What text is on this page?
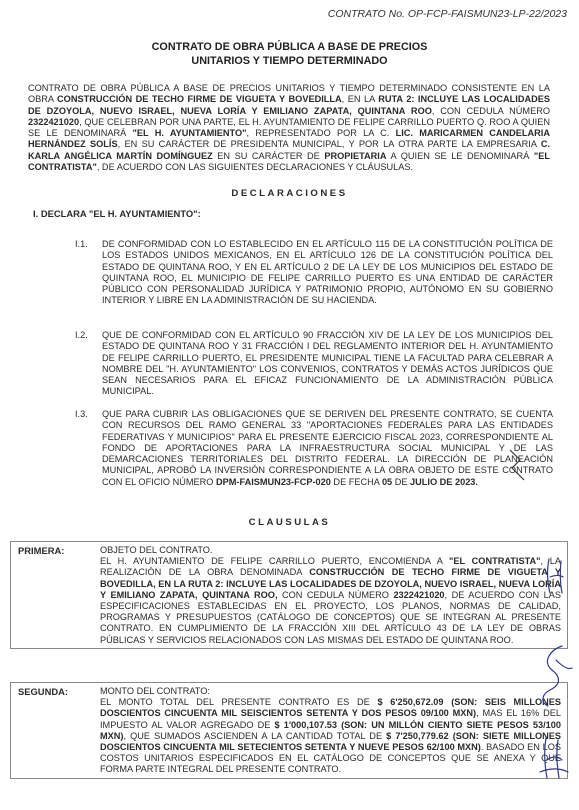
CONTRATO No. OP-FCP-FAISMUN23-LP-22/2023
CONTRATO DE OBRA PÚBLICA A BASE DE PRECIOS
UNITARIOS Y TIEMPO DETERMINADO
CONTRATO DE OBRA PÚBLICA A BASE DE PRECIOS UNITARIOS Y TIEMPO DETERMINADO CONSISTENTE EN LA OBRA CONSTRUCCIÓN DE TECHO FIRME DE VIGUETA Y BOVEDILLA, EN LA RUTA 2: INCLUYE LAS LOCALIDADES DE DZOYOLA, NUEVO ISRAEL, NUEVA LORÍA Y EMILIANO ZAPATA, QUINTANA ROO, CON CEDULA NÚMERO 2322421020, QUE CELEBRAN POR UNA PARTE, EL H. AYUNTAMIENTO DE FELIPE CARRILLO PUERTO Q. ROO A QUIEN SE LE DENOMINARÁ "EL H. AYUNTAMIENTO", REPRESENTADO POR LA C. LIC. MARICARMEN CANDELARIA HERNÁNDEZ SOLÍS, EN SU CARÁCTER DE PRESIDENTA MUNICIPAL, Y POR LA OTRA PARTE LA EMPRESARIA C. KARLA ANGÉLICA MARTÍN DOMÍNGUEZ EN SU CARÁCTER DE PROPIETARIA A QUIEN SE LE DENOMINARÁ "EL CONTRATISTA", DE ACUERDO CON LAS SIGUIENTES DECLARACIONES Y CLÁUSULAS.
DECLARACIONES
I. DECLARA "EL H. AYUNTAMIENTO":
I.1.	DE CONFORMIDAD CON LO ESTABLECIDO EN EL ARTÍCULO 115 DE LA CONSTITUCIÓN POLÍTICA DE LOS ESTADOS UNIDOS MEXICANOS, EN EL ARTÍCULO 126 DE LA CONSTITUCIÓN POLÍTICA DEL ESTADO DE QUINTANA ROO, Y EN EL ARTÍCULO 2 DE LA LEY DE LOS MUNICIPIOS DEL ESTADO DE QUINTANA ROO, EL MUNICIPIO DE FELIPE CARRILLO PUERTO ES UNA ENTIDAD DE CARÁCTER PÚBLICO CON PERSONALIDAD JURÍDICA Y PATRIMONIO PROPIO, AUTÓNOMO EN SU GOBIERNO INTERIOR Y LIBRE EN LA ADMINISTRACIÓN DE SU HACIENDA.
I.2.	QUE DE CONFORMIDAD CON EL ARTÍCULO 90 FRACCIÓN XIV DE LA LEY DE LOS MUNICIPIOS DEL ESTADO DE QUINTANA ROO Y 31 FRACCIÓN I DEL REGLAMENTO INTERIOR DEL H. AYUNTAMIENTO DE FELIPE CARRILLO PUERTO, EL PRESIDENTE MUNICIPAL TIENE LA FACULTAD PARA CELEBRAR A NOMBRE DEL "H. AYUNTAMIENTO" LOS CONVENIOS, CONTRATOS Y DEMÁS ACTOS JURÍDICOS QUE SEAN NECESARIOS PARA EL EFICAZ FUNCIONAMIENTO DE LA ADMINISTRACIÓN PÚBLICA MUNICIPAL.
I.3.	QUE PARA CUBRIR LAS OBLIGACIONES QUE SE DERIVEN DEL PRESENTE CONTRATO, SE CUENTA CON RECURSOS DEL RAMO GENERAL 33 "APORTACIONES FEDERALES PARA LAS ENTIDADES FEDERATIVAS Y MUNICIPIOS" PARA EL PRESENTE EJERCICIO FISCAL 2023, CORRESPONDIENTE AL FONDO DE APORTACIONES PARA LA INFRAESTRUCTURA SOCIAL MUNICIPAL Y DE LAS DEMARCACIONES TERRITORIALES DEL DISTRITO FEDERAL. LA DIRECCIÓN DE PLANEACIÓN MUNICIPAL, APROBÓ LA INVERSIÓN CORRESPONDIENTE A LA OBRA OBJETO DE ESTE CONTRATO CON EL OFICIO NÚMERO DPM-FAISMUN23-FCP-020 DE FECHA 05 DE JULIO DE 2023.
CLAUSULAS
PRIMERA:	OBJETO DEL CONTRATO.
EL H. AYUNTAMIENTO DE FELIPE CARRILLO PUERTO, ENCOMIENDA A "EL CONTRATISTA", LA REALIZACIÓN DE LA OBRA DENOMINADA CONSTRUCCIÓN DE TECHO FIRME DE VIGUETA Y BOVEDILLA, EN LA RUTA 2: INCLUYE LAS LOCALIDADES DE DZOYOLA, NUEVO ISRAEL, NUEVA LORÍA Y EMILIANO ZAPATA, QUINTANA ROO, CON CEDULA NÚMERO 2322421020, DE ACUERDO CON LAS ESPECIFICACIONES ESTABLECIDAS EN EL PROYECTO, LOS PLANOS, NORMAS DE CALIDAD, PROGRAMAS Y PRESUPUESTOS (CATÁLOGO DE CONCEPTOS) QUE SE INTEGRAN AL PRESENTE CONTRATO. EN CUMPLIMIENTO DE LA FRACCIÓN XIII DEL ARTÍCULO 43 DE LA LEY DE OBRAS PÚBLICAS Y SERVICIOS RELACIONADOS CON LAS MISMAS DEL ESTADO DE QUINTANA ROO.
SEGUNDA:	MONTO DEL CONTRATO:
EL MONTO TOTAL DEL PRESENTE CONTRATO ES DE $ 6'250,672.09 (SON: SEIS MILLONES DOSCIENTOS CINCUENTA MIL SEISCIENTOS SETENTA Y DOS PESOS 09/100 MXN), MAS EL 16% DEL IMPUESTO AL VALOR AGREGADO DE $ 1'000,107.53 (SON: UN MILLÓN CIENTO SIETE PESOS 53/100 MXN), QUE SUMADOS ASCIENDEN A LA CANTIDAD TOTAL DE $ 7'250,779.62 (SON: SIETE MILLONES DOSCIENTOS CINCUENTA MIL SETECIENTOS SETENTA Y NUEVE PESOS 62/100 MXN). BASADO EN LOS COSTOS UNITARIOS ESPECIFICADOS EN EL CATÁLOGO DE CONCEPTOS QUE SE ANEXA Y QUE FORMA PARTE INTEGRAL DEL PRESENTE CONTRATO.
